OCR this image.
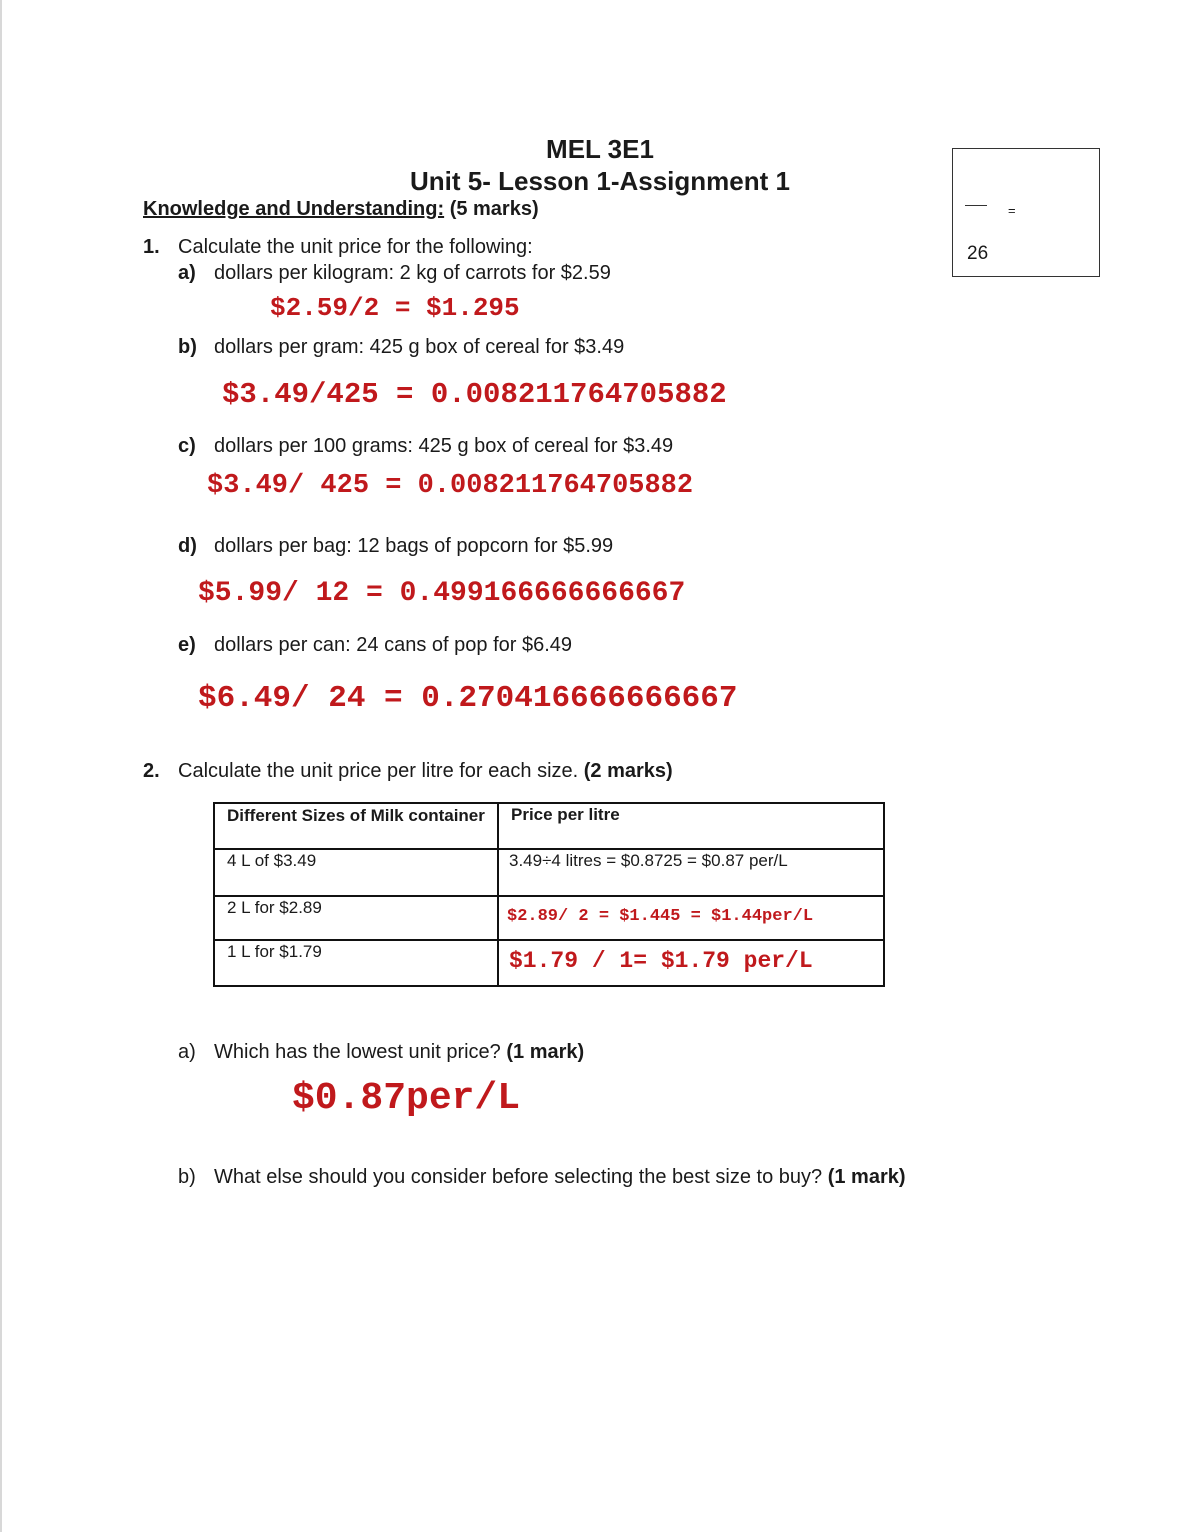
MEL 3E1
Unit 5- Lesson 1-Assignment 1
Knowledge and Understanding: (5 marks)	=
26
1. Calculate the unit price for the following:
a) dollars per kilogram: 2 kg of carrots for $2.59
$2.59/2 = $1.295
b) dollars per gram: 425 g box of cereal for $3.49
$3.49/425 = 0.008211764705882
c) dollars per 100 grams: 425 g box of cereal for $3.49
$3.49/ 425 = 0.008211764705882
d) dollars per bag: 12 bags of popcorn for $5.99
$5.99/ 12 = 0.499166666666667
e) dollars per can: 24 cans of pop for $6.49
$6.49/ 24 = 0.270416666666667
2. Calculate the unit price per litre for each size. (2 marks)
Different Sizes of Milk container	Price per litre
4 L of $3.49	3.49÷4 litres = $0.8725 = $0.87 per/L
2 L for $2.89	$2.89/ 2 = $1.445 = $1.44per/L
1 L for $1.79	$1.79 / 1= $1.79 per/L
a) Which has the lowest unit price? (1 mark)
$0.87per/L
b) What else should you consider before selecting the best size to buy? (1 mark)
